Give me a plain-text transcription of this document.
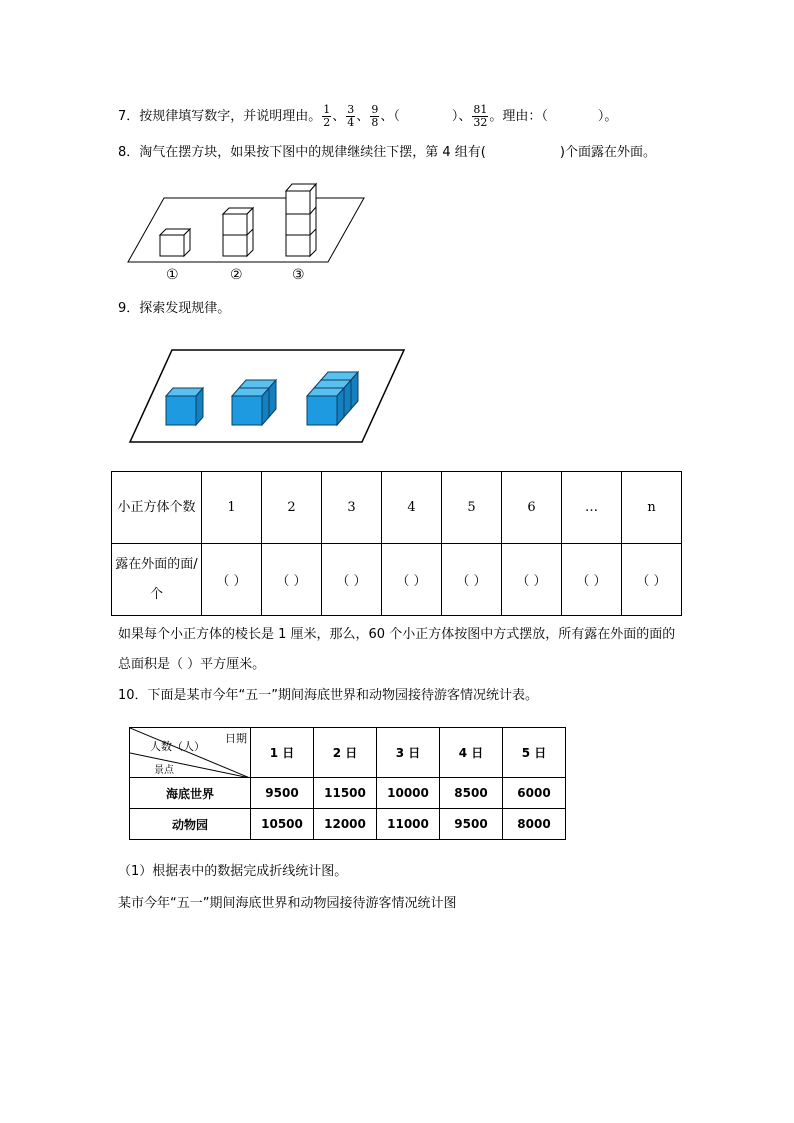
7．按规律填写数字，并说明理由。 $\frac{1}{2}$ 、 $\frac{3}{4}$ 、 $\frac{9}{8}$ 、（	）、 $\frac{81}{32}$ 。理由：（	）。
8．淘气在摆方块，如果按下图中的规律继续往下摆，第 4 组有(	)个面露在外面。
①	②	③
9．探索发现规律。
小正方体个数	1	2	3	4	5	6	…	n
露在外面的面/个	（ ）	（ ）	（ ）	（ ）	（ ）	（ ）	（ ）	（ ）
如果每个小正方体的棱长是 1 厘米，那么，60 个小正方体按图中方式摆放，所有露在外面的面的总面积是（ ）平方厘米。
10．下面是某市今年“五一”期间海底世界和动物园接待游客情况统计表。
日期
人数（人）
景点	1 日	2 日	3 日	4 日	5 日
海底世界	9500	11500	10000	8500	6000
动物园	10500	12000	11000	9500	8000
（1）根据表中的数据完成折线统计图。
某市今年“五一”期间海底世界和动物园接待游客情况统计图
